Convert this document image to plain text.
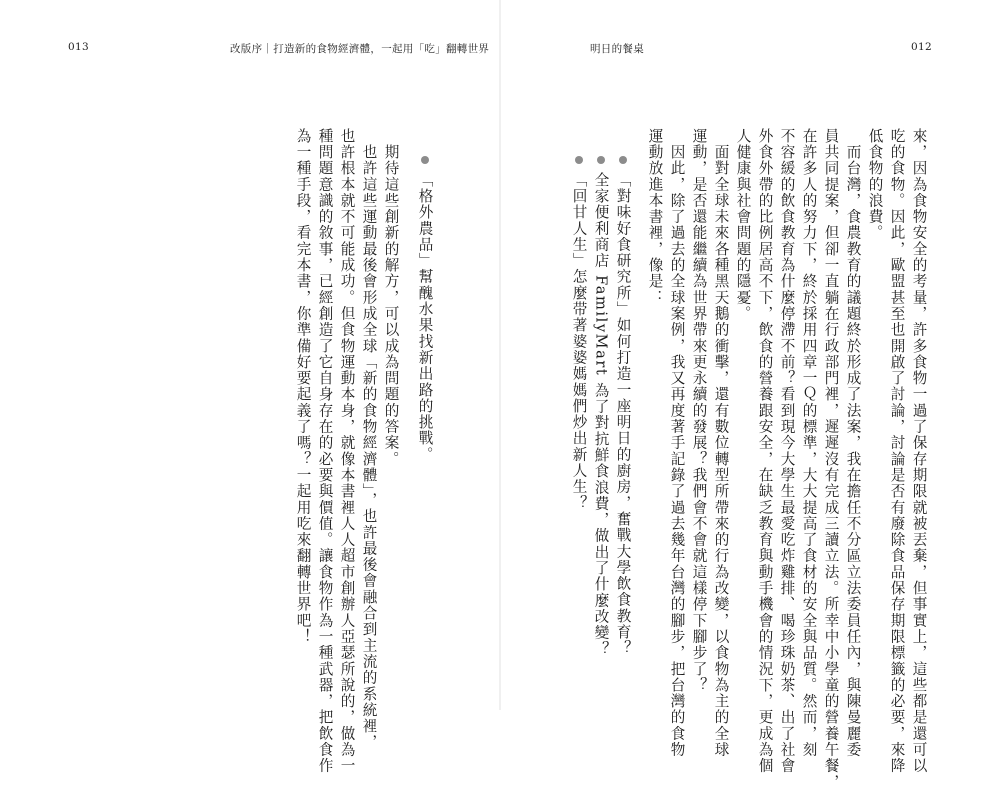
013	改版序｜打造新的食物經濟體，一起用「吃」翻轉世界	明日的餐桌	012
來，因為食物安全的考量，許多食物一過了保存期限就被丟棄，但事實上，這些都是還可以
吃的食物。因此，歐盟甚至也開啟了討論，討論是否有廢除食品保存期限標籤的必要，來降
低食物的浪費。
　而台灣，食農教育的議題終於形成了法案，我在擔任不分區立法委員任內，與陳曼麗委
員共同提案，但卻一直躺在行政部門裡，遲遲沒有完成三讀立法。所幸中小學童的營養午餐，
在許多人的努力下，終於採用四章一Ｑ的標準，大大提高了食材的安全與品質。然而，刻
不容緩的飲食教育為什麼停滯不前？看到現今大學生最愛吃炸雞排、喝珍珠奶茶、出了社會
外食外帶的比例居高不下，飲食的營養跟安全，在缺乏教育與動手機會的情況下，更成為個
人健康與社會問題的隱憂。
　面對全球未來各種黑天鵝的衝擊，還有數位轉型所帶來的行為改變，以食物為主的全球
運動，是否還能繼續為世界帶來更永續的發展？我們會不會就這樣停下腳步了？
　因此，除了過去的全球案例，我又再度著手記錄了過去幾年台灣的腳步，把台灣的食物
運動放進本書裡，像是：
「對味好食研究所」如何打造一座明日的廚房，奮戰大學飲食教育？
全家便利商店 FamilyMart 為了對抗鮮食浪費，做出了什麼改變？
「回甘人生」怎麼带著婆婆媽媽們炒出新人生？
「格外農品」幫醜水果找新出路的挑戰。
　期待這些創新的解方，可以成為問題的答案。
　也許這些運動最後會形成全球「新的食物經濟體」，也許最後會融合到主流的系統裡，
也許根本就不可能成功。但食物運動本身，就像本書裡人人超市創辦人亞瑟所說的，做為一
種問題意識的敘事，已經創造了它自身存在的必要與價值。讓食物作為一種武器，把飲食作
為一種手段，看完本書，你準備好要起義了嗎？一起用吃來翻轉世界吧！
